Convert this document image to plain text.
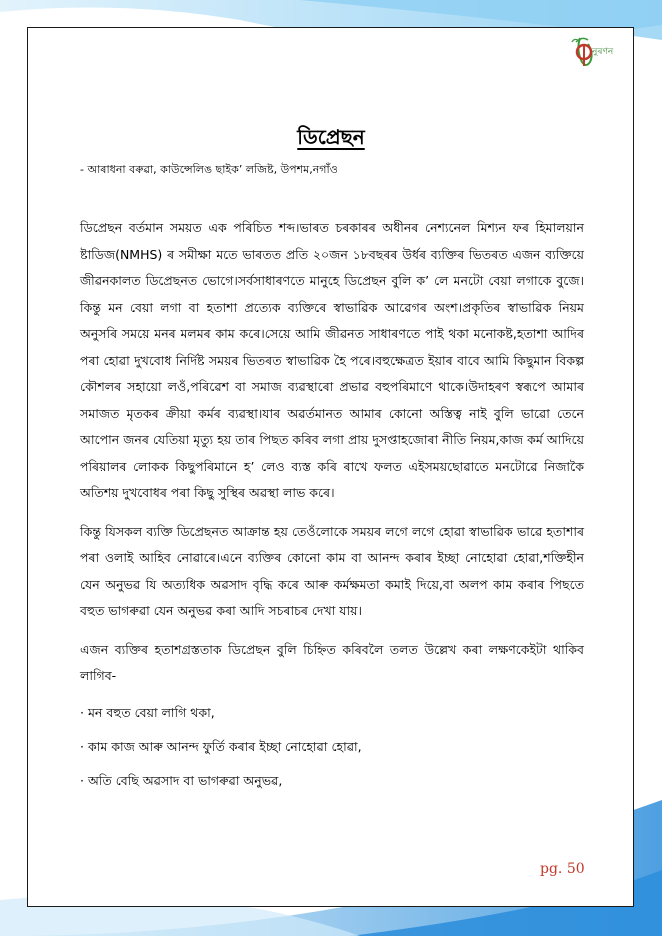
নুৰণন
ডিপ্ৰেছন
- আৰাধনা বৰুৱা, কাউন্সেলিঙ ছাইক’ লজিষ্ট, উপশম,নগাঁও

ডিপ্ৰেছন বৰ্তমান সময়ত এক পৰিচিত শব্দ।ভাৰত চৰকাৰৰ অধীনৰ নেশ্যনেল মিশ্যন ফৰ হিমালয়ান ষ্টাডিজ(NMHS) ৰ সমীক্ষা মতে ভাৰতত প্ৰতি ২০জন ১৮বছৰৰ উৰ্ধৰ ব্যক্তিৰ ভিতৰত এজন ব্যক্তিয়ে জীৱনকালত ডিপ্ৰেছনত ভোগে।সৰ্বসাধাৰণতে মানুহে ডিপ্ৰেছন বুলি ক’ লে মনটো বেয়া লগাকে বুজে।কিন্তু মন বেয়া লগা বা হতাশা প্ৰত্যেক ব্যক্তিৰে স্বাভাৱিক আৱেগৰ অংশ।প্ৰকৃতিৰ স্বাভাৱিক নিয়ম অনুসৰি সময়ে মনৰ মলমৰ কাম কৰে।সেয়ে আমি জীৱনত সাধাৰণতে পাই থকা মনোকষ্ট,হতাশা আদিৰ পৰা হোৱা দুখবোধ নিৰ্দিষ্ট সময়ৰ ভিতৰত স্বাভাৱিক হৈ পৰে।বহুক্ষেত্ৰত ইয়াৰ বাবে আমি কিছুমান বিকল্প কৌশলৰ সহায়ো লওঁ,পৰিৱেশ বা সমাজ ব্যৱস্থাৰো প্ৰভাৱ বহুপৰিমাণে থাকে।উদাহৰণ স্বৰূপে আমাৰ সমাজত মৃতকৰ ক্ৰীয়া কৰ্মৰ ব্যৱস্থা।যাৰ অৱৰ্তমানত আমাৰ কোনো অস্তিত্ব নাই বুলি ভাৱো তেনে আপোন জনৰ যেতিয়া মৃত্যু হয় তাৰ পিছত কৰিব লগা প্ৰায় দুসপ্তাহজোৰা নীতি নিয়ম,কাজ কৰ্ম আদিয়ে পৰিয়ালৰ লোকক কিছুপৰিমানে হ’ লেও ব্যস্ত কৰি ৰাখে ফলত এইসময়ছোৱাতে মনটোৱে নিজাকৈ অতিশয় দুখবোধৰ পৰা কিছু সুস্থিৰ অৱস্থা লাভ কৰে।

কিন্তু যিসকল ব্যক্তি ডিপ্ৰেছনত আক্ৰান্ত হয় তেওঁলোকে সময়ৰ লগে লগে হোৱা স্বাভাৱিক ভাৱে হতাশাৰ পৰা ওলাই আহিব নোৱাৰে।এনে ব্যক্তিৰ কোনো কাম বা আনন্দ কৰাৰ ইচ্ছা নোহোৱা হোৱা,শক্তিহীন যেন অনুভৱ যি অত্যধিক অৱসাদ বৃদ্ধি কৰে আৰু কৰ্মক্ষমতা কমাই দিয়ে,বা অলপ কাম কৰাৰ পিছতে বহুত ভাগৰুৱা যেন অনুভৱ কৰা আদি সচৰাচৰ দেখা যায়।

এজন ব্যক্তিৰ হতাশগ্ৰস্ততাক ডিপ্ৰেছন বুলি চিহ্নিত কৰিবলৈ তলত উল্লেখ কৰা লক্ষণকেইটা থাকিব লাগিব-

· মন বহুত বেয়া লাগি থকা,

· কাম কাজ আৰু আনন্দ ফুৰ্তি কৰাৰ ইচ্ছা নোহোৱা হোৱা,

· অতি বেছি অৱসাদ বা ভাগৰুৱা অনুভৱ,

pg. 50
